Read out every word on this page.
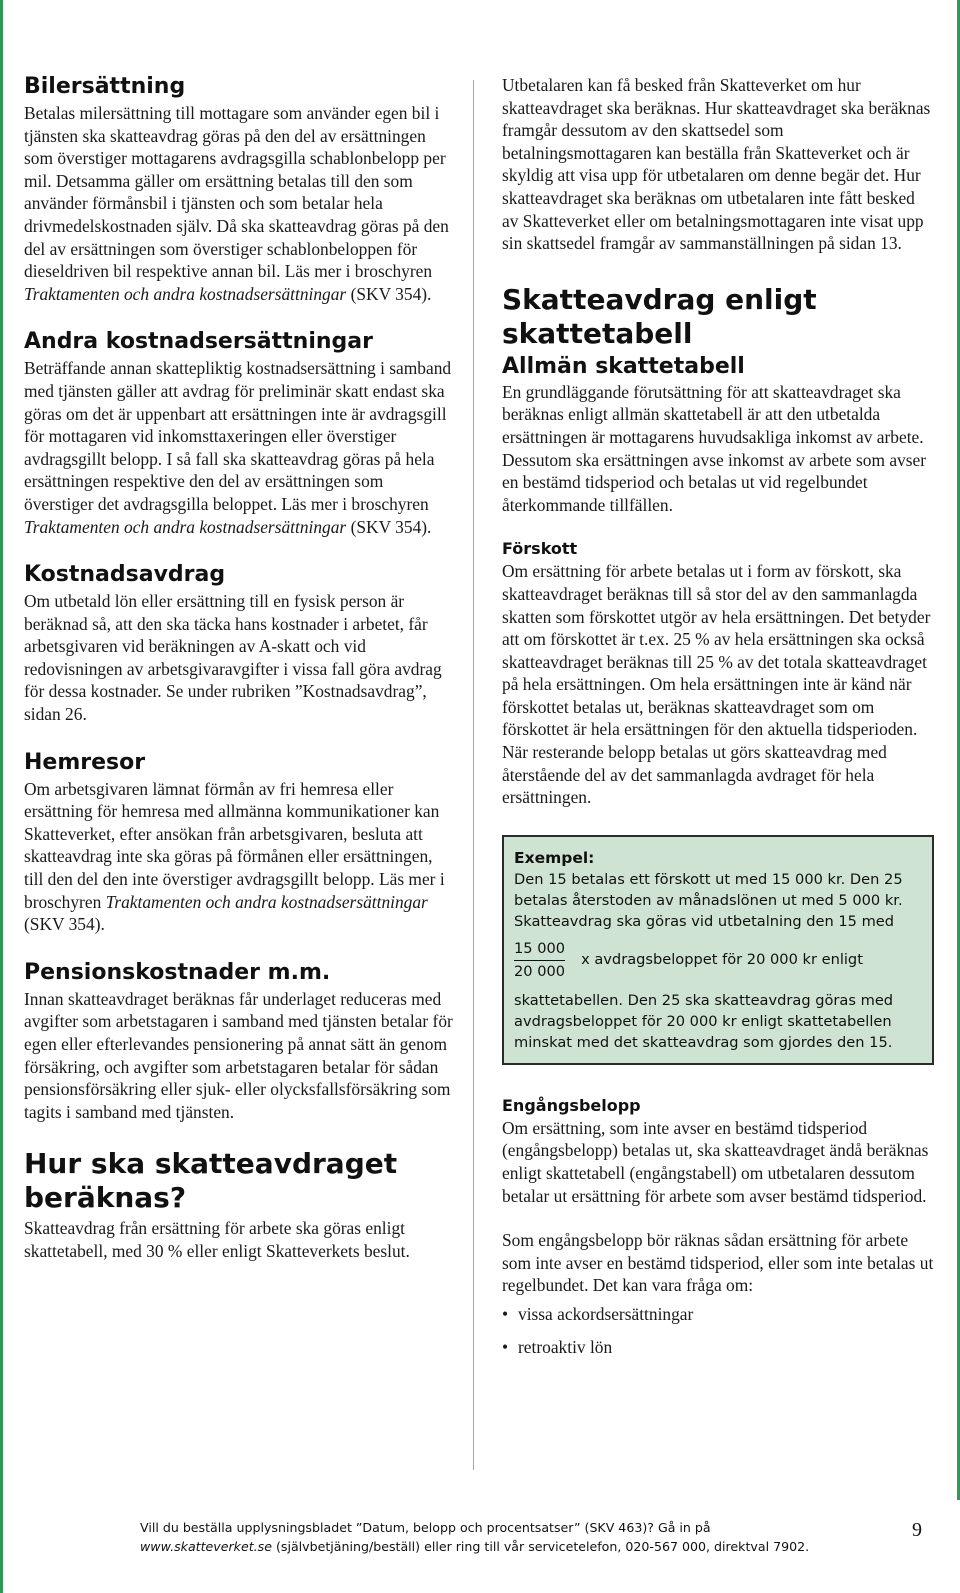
Bilersättning

Betalas milersättning till mottagare som använder egen bil i tjänsten ska skatteavdrag göras på den del av ersättningen som överstiger mottagarens avdragsgilla schablonbelopp per mil. Detsamma gäller om ersättning betalas till den som använder förmånsbil i tjänsten och som betalar hela drivmedelskostnaden själv. Då ska skatteavdrag göras på den del av ersättningen som överstiger schablonbeloppen för dieseldriven bil respektive annan bil. Läs mer i broschyren Traktamenten och andra kostnadsersättningar (SKV 354).

Andra kostnadsersättningar

Beträffande annan skattepliktig kostnadsersättning i samband med tjänsten gäller att avdrag för preliminär skatt endast ska göras om det är uppenbart att ersättningen inte är avdragsgill för mottagaren vid inkomsttaxeringen eller överstiger avdragsgillt belopp. I så fall ska skatteavdrag göras på hela ersättningen respektive den del av ersättningen som överstiger det avdragsgilla beloppet. Läs mer i broschyren Traktamenten och andra kostnadsersättningar (SKV 354).

Kostnadsavdrag

Om utbetald lön eller ersättning till en fysisk person är beräknad så, att den ska täcka hans kostnader i arbetet, får arbetsgivaren vid beräkningen av A-skatt och vid redovisningen av arbetsgivaravgifter i vissa fall göra avdrag för dessa kostnader. Se under rubriken ”Kostnadsavdrag”, sidan 26.

Hemresor

Om arbetsgivaren lämnat förmån av fri hemresa eller ersättning för hemresa med allmänna kommunikationer kan Skatteverket, efter ansökan från arbetsgivaren, besluta att skatteavdrag inte ska göras på förmånen eller ersättningen, till den del den inte överstiger avdragsgillt belopp. Läs mer i broschyren Traktamenten och andra kostnadsersättningar (SKV 354).

Pensionskostnader m.m.

Innan skatteavdraget beräknas får underlaget reduceras med avgifter som arbetstagaren i samband med tjänsten betalar för egen eller efterlevandes pensionering på annat sätt än genom försäkring, och avgifter som arbetstagaren betalar för sådan pensionsförsäkring eller sjuk- eller olycksfallsförsäkring som tagits i samband med tjänsten.

Hur ska skatteavdraget beräknas?

Skatteavdrag från ersättning för arbete ska göras enligt skattetabell, med 30 % eller enligt Skatteverkets beslut.

Utbetalaren kan få besked från Skatteverket om hur skatteavdraget ska beräknas. Hur skatteavdraget ska beräknas framgår dessutom av den skattsedel som betalningsmottagaren kan beställa från Skatteverket och är skyldig att visa upp för utbetalaren om denne begär det. Hur skatteavdraget ska beräknas om utbetalaren inte fått besked av Skatteverket eller om betalningsmottagaren inte visat upp sin skattsedel framgår av sammanställningen på sidan 13.

Skatteavdrag enligt skattetabell
Allmän skattetabell

En grundläggande förutsättning för att skatteavdraget ska beräknas enligt allmän skattetabell är att den utbetalda ersättningen är mottagarens huvudsakliga inkomst av arbete. Dessutom ska ersättningen avse inkomst av arbete som avser en bestämd tidsperiod och betalas ut vid regelbundet återkommande tillfällen.

Förskott

Om ersättning för arbete betalas ut i form av förskott, ska skatteavdraget beräknas till så stor del av den sammanlagda skatten som förskottet utgör av hela ersättningen. Det betyder att om förskottet är t.ex. 25 % av hela ersättningen ska också skatteavdraget beräknas till 25 % av det totala skatteavdraget på hela ersättningen. Om hela ersättningen inte är känd när förskottet betalas ut, beräknas skatteavdraget som om förskottet är hela ersättningen för den aktuella tidsperioden. När resterande belopp betalas ut görs skatteavdrag med återstående del av det sammanlagda avdraget för hela ersättningen.

Exempel:
Den 15 betalas ett förskott ut med 15 000 kr. Den 25 betalas återstoden av månadslönen ut med 5 000 kr. Skatteavdrag ska göras vid utbetalning den 15 med
$\frac{15 000}{20 000}$ x avdragsbeloppet för 20 000 kr enligt
skattetabellen. Den 25 ska skatteavdrag göras med avdragsbeloppet för 20 000 kr enligt skattetabellen minskat med det skatteavdrag som gjordes den 15.
Engångsbelopp

Om ersättning, som inte avser en bestämd tidsperiod (engångsbelopp) betalas ut, ska skatteavdraget ändå beräknas enligt skattetabell (engångstabell) om utbetalaren dessutom betalar ut ersättning för arbete som avser bestämd tidsperiod.

Som engångsbelopp bör räknas sådan ersättning för arbete som inte avser en bestämd tidsperiod, eller som inte betalas ut regelbundet. Det kan vara fråga om:

• vissa ackordsersättningar
• retroaktiv lön
Vill du beställa upplysningsbladet ”Datum, belopp och procentsatser” (SKV 463)? Gå in på
www.skatteverket.se (självbetjäning/beställ) eller ring till vår servicetelefon, 020-567 000, direktval 7902.
9
